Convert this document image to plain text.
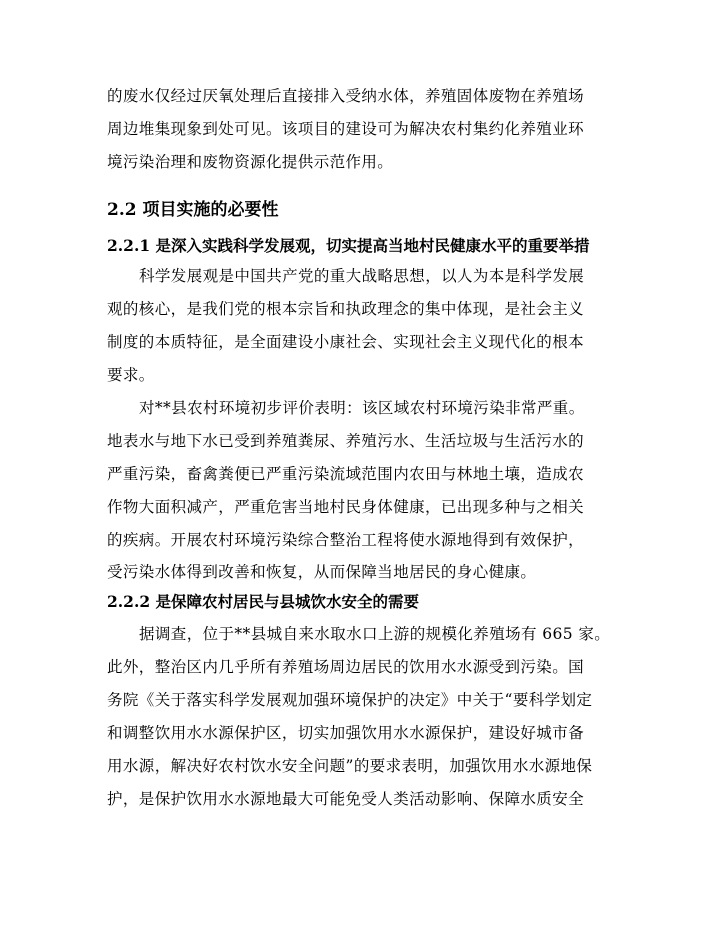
的废水仅经过厌氧处理后直接排入受纳水体，养殖固体废物在养殖场
周边堆集现象到处可见。该项目的建设可为解决农村集约化养殖业环
境污染治理和废物资源化提供示范作用。
2.2 项目实施的必要性
2.2.1 是深入实践科学发展观，切实提高当地村民健康水平的重要举措
科学发展观是中国共产党的重大战略思想，以人为本是科学发展
观的核心，是我们党的根本宗旨和执政理念的集中体现，是社会主义
制度的本质特征，是全面建设小康社会、实现社会主义现代化的根本
要求。
对**县农村环境初步评价表明：该区域农村环境污染非常严重。
地表水与地下水已受到养殖粪尿、养殖污水、生活垃圾与生活污水的
严重污染，畜禽粪便已严重污染流域范围内农田与林地土壤，造成农
作物大面积减产，严重危害当地村民身体健康，已出现多种与之相关
的疾病。开展农村环境污染综合整治工程将使水源地得到有效保护，
受污染水体得到改善和恢复，从而保障当地居民的身心健康。
2.2.2 是保障农村居民与县城饮水安全的需要
据调查，位于**县城自来水取水口上游的规模化养殖场有 665 家。
此外，整治区内几乎所有养殖场周边居民的饮用水水源受到污染。国
务院《关于落实科学发展观加强环境保护的决定》中关于“要科学划定
和调整饮用水水源保护区，切实加强饮用水水源保护，建设好城市备
用水源，解决好农村饮水安全问题”的要求表明，加强饮用水水源地保
护，是保护饮用水水源地最大可能免受人类活动影响、保障水质安全
